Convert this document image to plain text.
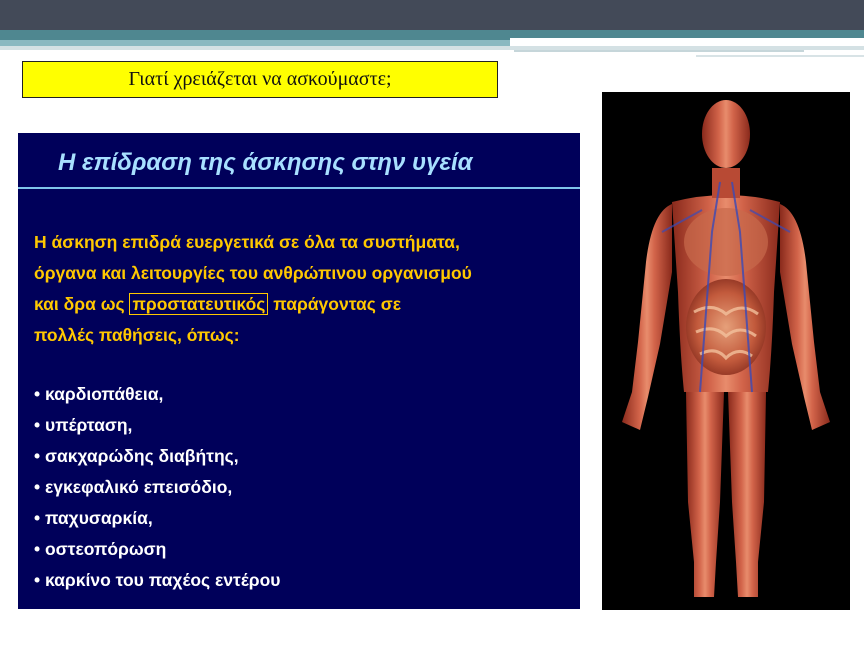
Γιατί χρειάζεται να ασκούμαστε;
Η επίδραση της άσκησης στην υγεία
Η άσκηση επιδρά ευεργετικά σε όλα τα συστήματα,
όργανα και λειτουργίες του ανθρώπινου οργανισμού
και δρα ως προστατευτικός παράγοντας σε
πολλές παθήσεις, όπως:
• καρδιοπάθεια,
• υπέρταση,
• σακχαρώδης διαβήτης,
• εγκεφαλικό επεισόδιο,
• παχυσαρκία,
• οστεοπόρωση
• καρκίνο του παχέος εντέρου
